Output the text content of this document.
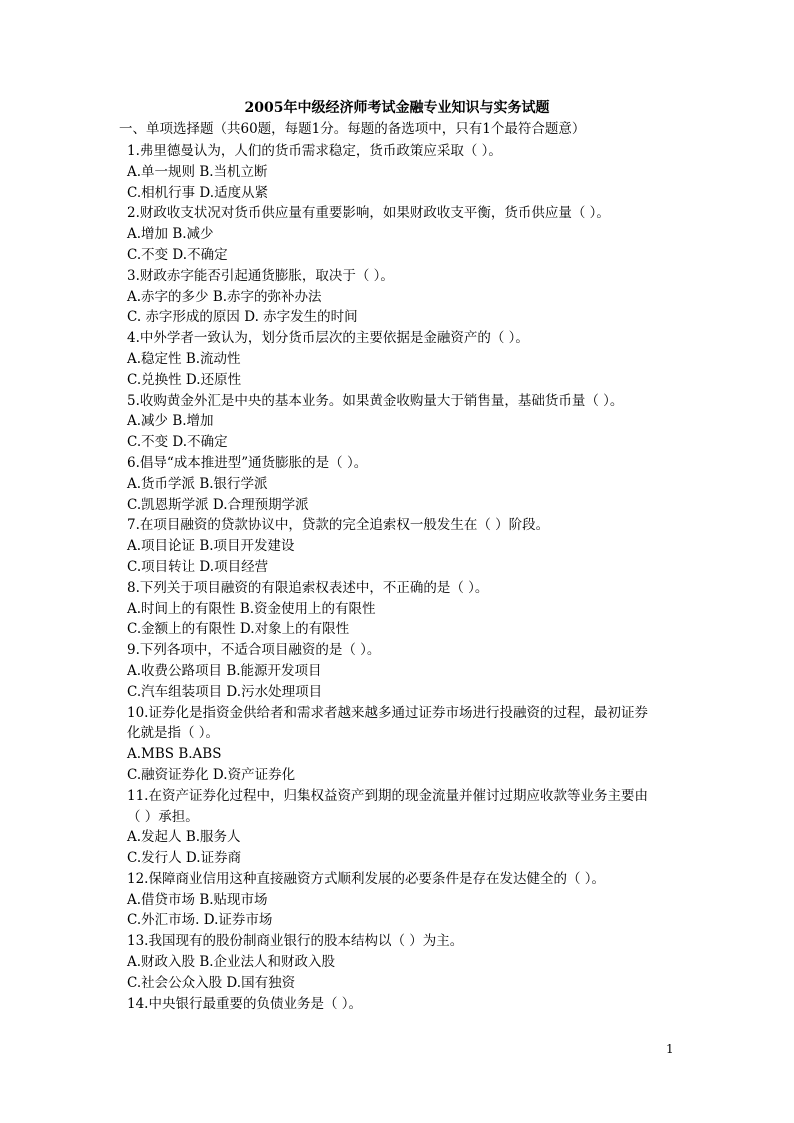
2005年中级经济师考试金融专业知识与实务试题
一、单项选择题（共60题，每题1分。每题的备选项中，只有1个最符合题意）
1.弗里德曼认为，人们的货币需求稳定，货币政策应采取（ ）。
A.单一规则 B.当机立断
C.相机行事 D.适度从紧
2.财政收支状况对货币供应量有重要影响，如果财政收支平衡，货币供应量（ ）。
A.增加 B.减少
C.不变 D.不确定
3.财政赤字能否引起通货膨胀，取决于（ ）。
A.赤字的多少 B.赤字的弥补办法
C. 赤字形成的原因 D. 赤字发生的时间
4.中外学者一致认为，划分货币层次的主要依据是金融资产的（ ）。
A.稳定性 B.流动性
C.兑换性 D.还原性
5.收购黄金外汇是中央的基本业务。如果黄金收购量大于销售量，基础货币量（ ）。
A.减少 B.增加
C.不变 D.不确定
6.倡导“成本推进型”通货膨胀的是（ ）。
A.货币学派 B.银行学派
C.凯恩斯学派 D.合理预期学派
7.在项目融资的贷款协议中，贷款的完全追索权一般发生在（ ）阶段。
A.项目论证 B.项目开发建设
C.项目转让 D.项目经营
8.下列关于项目融资的有限追索权表述中，不正确的是（ ）。
A.时间上的有限性 B.资金使用上的有限性
C.金额上的有限性 D.对象上的有限性
9.下列各项中，不适合项目融资的是（ ）。
A.收费公路项目 B.能源开发项目
C.汽车组装项目 D.污水处理项目
10.证券化是指资金供给者和需求者越来越多通过证券市场进行投融资的过程，最初证券
化就是指（ ）。
A.MBS B.ABS
C.融资证券化 D.资产证券化
11.在资产证券化过程中，归集权益资产到期的现金流量并催讨过期应收款等业务主要由
（ ）承担。
A.发起人 B.服务人
C.发行人 D.证券商
12.保障商业信用这种直接融资方式顺利发展的必要条件是存在发达健全的（ ）。
A.借贷市场 B.贴现市场
C.外汇市场. D.证券市场
13.我国现有的股份制商业银行的股本结构以（ ）为主。
A.财政入股 B.企业法人和财政入股
C.社会公众入股 D.国有独资
14.中央银行最重要的负债业务是（ ）。
1
